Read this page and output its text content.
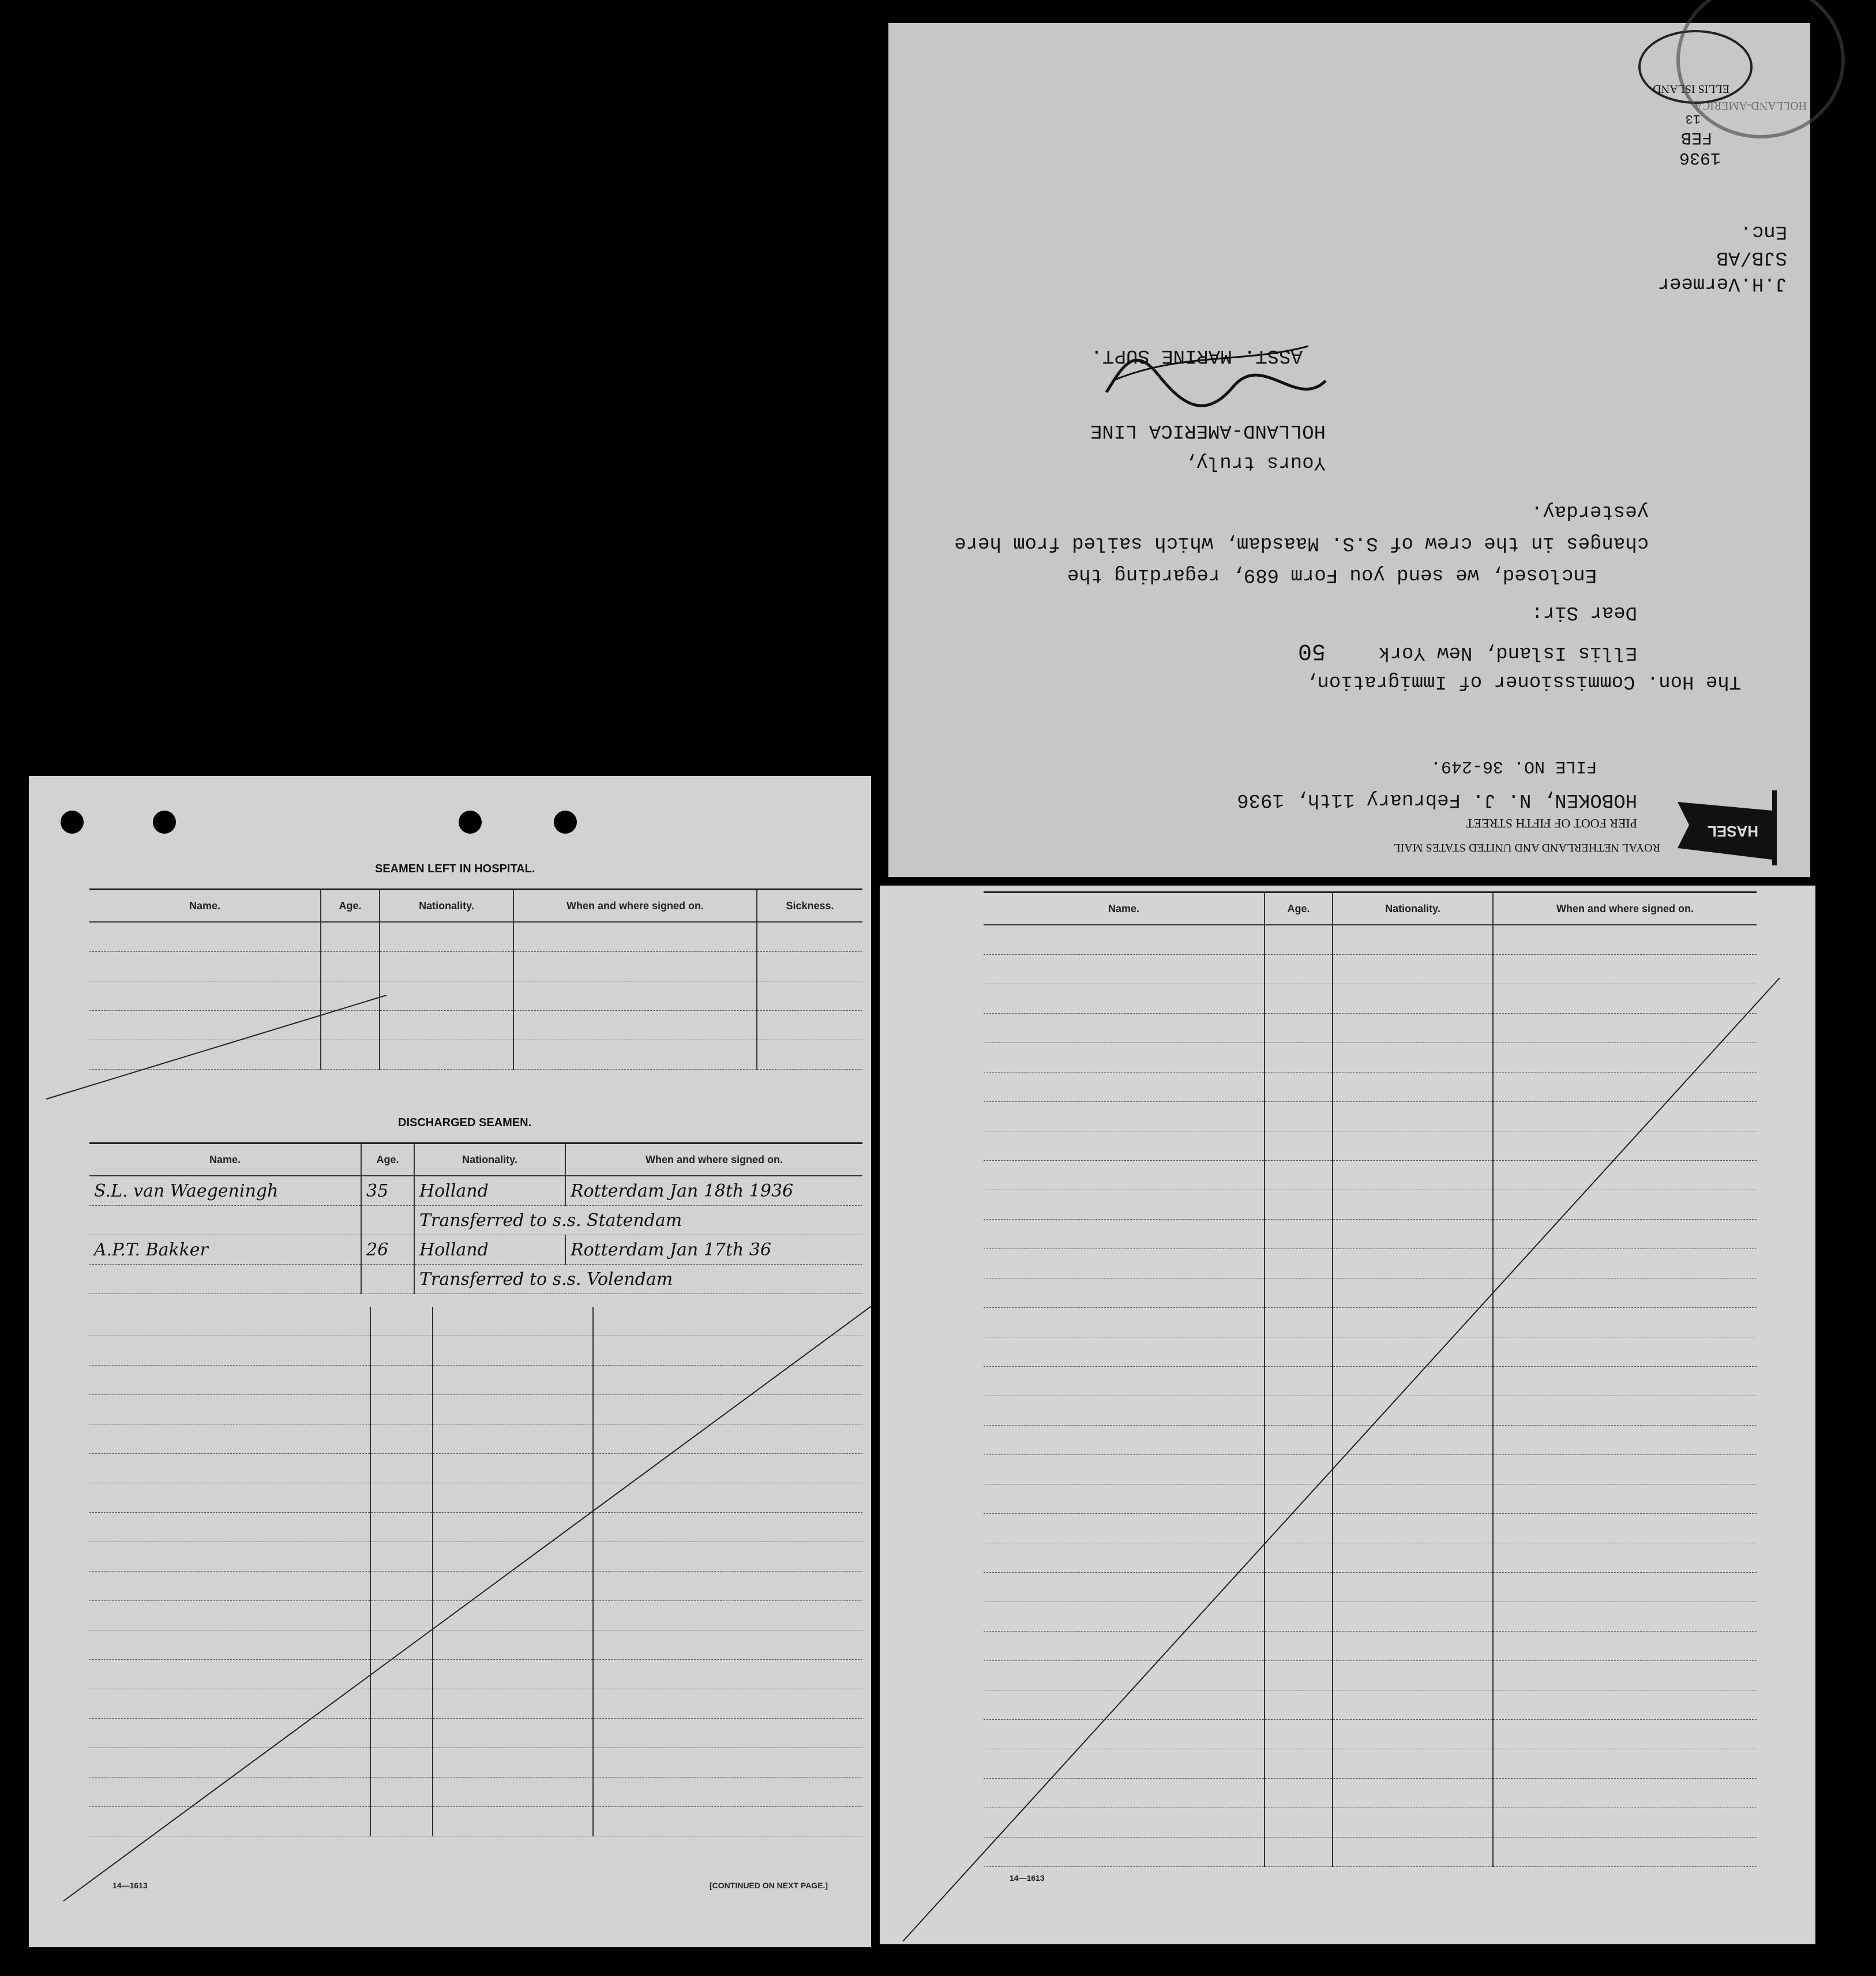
HASEL
ROYAL NETHERLAND AND UNITED STATES MAIL
PIER FOOT OF FIFTH STREET
HOBOKEN, N. J. February 11th, 1936
FILE NO. 36-249.
The Hon. Commissioner of Immigration,
Ellis Island, New York
50
Dear Sir:
Enclosed, we send you Form 689, regarding the
changes in the crew of S.S. Maasdam, which sailed from here
yesterday.
Yours truly,
HOLLAND-AMERICA LINE
ASST. MARINE SUPT.
J.H.Vermeer
SJB/AB
Enc.
ELLIS ISLAND
1936
FEB
13
HOLLAND-AMERICA
SEAMEN LEFT IN HOSPITAL.
Name.	Age.	Nationality.	When and where signed on.	Sickness.

DISCHARGED SEAMEN.
Name.	Age.	Nationality.	When and where signed on.
S.L. van Waegeningh	35	Holland	Rotterdam Jan 18th 1936
		Transferred to s.s. Statendam	
A.P.T. Bakker	26	Holland	Rotterdam Jan 17th 36
		Transferred to s.s. Volendam	

14—1613	[CONTINUED ON NEXT PAGE.]
Name.	Age.	Nationality.	When and where signed on.

14—1613
